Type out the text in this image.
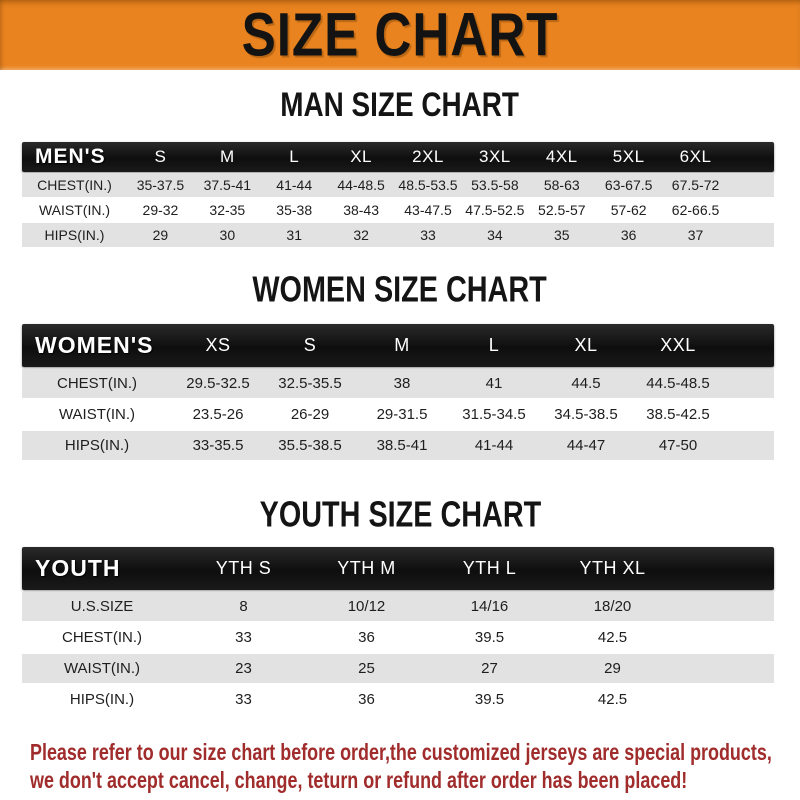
SIZE CHART
MAN SIZE CHART
MEN'S	S	M	L	XL	2XL	3XL	4XL	5XL	6XL
CHEST(IN.)	35-37.5	37.5-41	41-44	44-48.5 48.5-53.5 53.5-58	58-63	63-67.5	67.5-72
WAIST(IN.)	29-32	32-35	35-38	38-43	43-47.5 47.5-52.5 52.5-57	57-62	62-66.5
HIPS(IN.)	29	30	31	32	33	34	35	36	37
WOMEN SIZE CHART
WOMEN'S	XS	S	M	L	XL	XXL
CHEST(IN.)	29.5-32.5	32.5-35.5	38	41	44.5	44.5-48.5
WAIST(IN.)	23.5-26	26-29	29-31.5	31.5-34.5	34.5-38.5	38.5-42.5
HIPS(IN.)	33-35.5	35.5-38.5	38.5-41	41-44	44-47	47-50
YOUTH SIZE CHART
YOUTH	YTH S	YTH M	YTH L	YTH XL
U.S.SIZE	8	10/12	14/16	18/20
CHEST(IN.)	33	36	39.5	42.5
WAIST(IN.)	23	25	27	29
HIPS(IN.)	33	36	39.5	42.5
Please refer to our size chart before order,the customized jerseys are special products,
we don't accept cancel, change, teturn or refund after order has been placed!
